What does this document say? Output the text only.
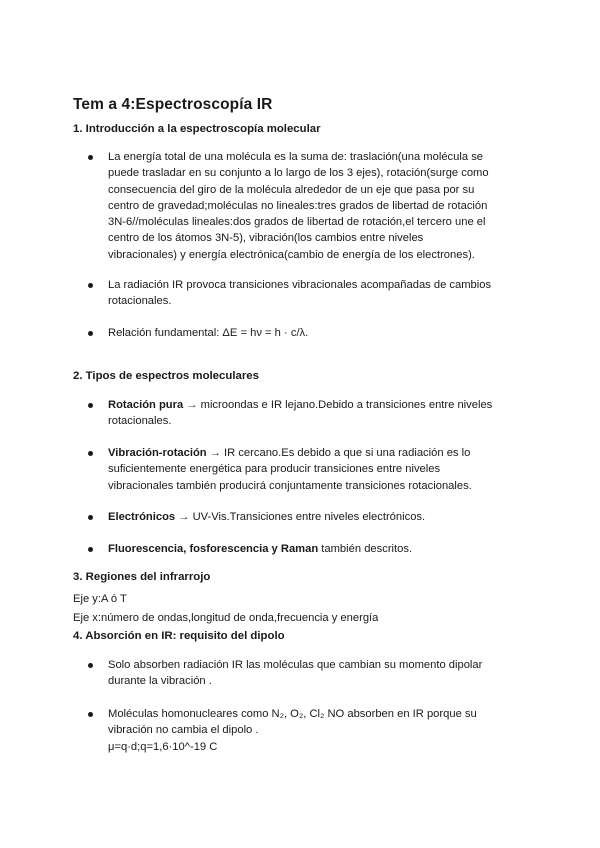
Tem a 4:Espectroscopía IR
1. Introducción a la espectroscopía molecular
La energía total de una molécula es la suma de: traslación(una molécula se
puede trasladar en su conjunto a lo largo de los 3 ejes), rotación(surge como
consecuencia del giro de la molécula alrededor de un eje que pasa por su
centro de gravedad;moléculas no lineales:tres grados de libertad de rotación
3N-6//moléculas lineales:dos grados de libertad de rotación,el tercero une el
centro de los átomos 3N-5), vibración(los cambios entre niveles
vibracionales) y energía electrónica(cambio de energía de los electrones).
La radiación IR provoca transiciones vibracionales acompañadas de cambios
rotacionales.
Relación fundamental: ΔE = hν = h · c/λ.
2. Tipos de espectros moleculares
Rotación pura → microondas e IR lejano.Debido a transiciones entre niveles
rotacionales.
Vibración-rotación → IR cercano.Es debido a que si una radiación es lo
suficientemente energética para producir transiciones entre niveles
vibracionales también producirá conjuntamente transiciones rotacionales.
Electrónicos → UV-Vis.Transiciones entre niveles electrónicos.
Fluorescencia, fosforescencia y Raman también descritos.
3. Regiones del infrarrojo
Eje y:A ó T
Eje x:número de ondas,longitud de onda,frecuencia y energía
4. Absorción en IR: requisito del dipolo
Solo absorben radiación IR las moléculas que cambian su momento dipolar
durante la vibración .
Moléculas homonucleares como N₂, O₂, Cl₂ NO absorben en IR porque su
vibración no cambia el dipolo .
μ=q·d;q=1,6·10^-19 C
